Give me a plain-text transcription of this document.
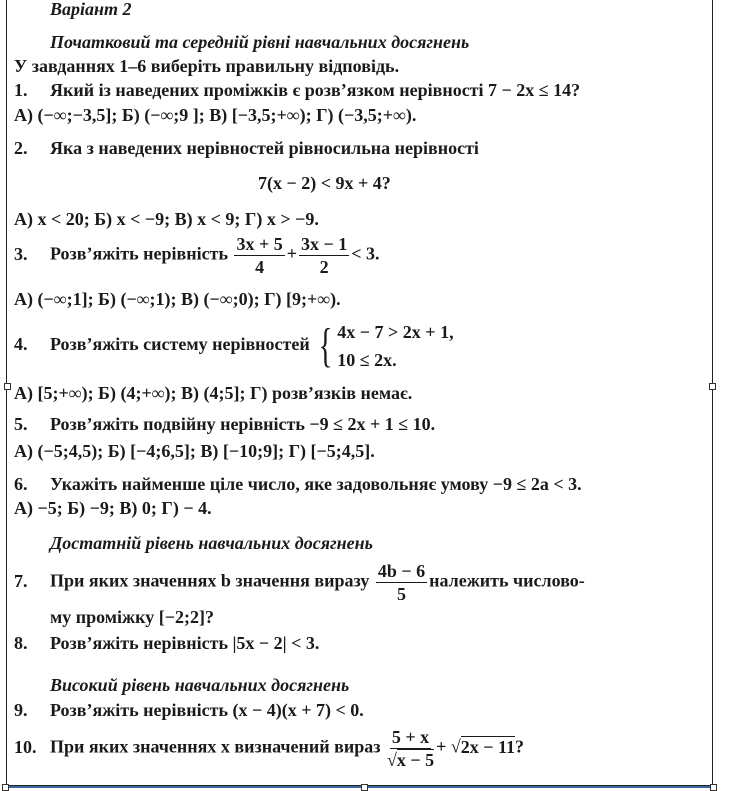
Варіант 2
Початковий та середній рівні навчальних досягнень
У завданнях 1–6 виберіть правильну відповідь.
1. Який із наведених проміжків є розв’язком нерівності 7 − 2x ≤ 14?
A) (−∞;−3,5]; Б) (−∞;9 ]; В) [−3,5;+∞); Г) (−3,5;+∞).
2. Яка з наведених нерівностей рівносильна нерівності
7(x − 2) < 9x + 4?
A) x < 20; Б) x < −9; В) x < 9; Г) x > −9.
3. Розв’яжіть нерівність $\frac{3x + 5}{4} + \frac{3x - 1}{2} < 3$.
A) (−∞;1]; Б) (−∞;1); В) (−∞;0); Г) [9;+∞).
4. Розв’яжіть систему нерівностей { 4x − 7 > 2x + 1,
10 ≤ 2x.
A) [5;+∞); Б) (4;+∞); В) (4;5]; Г) розв’язків немає.
5. Розв’яжіть подвійну нерівність −9 ≤ 2x + 1 ≤ 10.
A) (−5;4,5); Б) [−4;6,5]; В) [−10;9]; Г) [−5;4,5].
6. Укажіть найменше ціле число, яке задовольняє умову −9 ≤ 2a < 3.
A) −5; Б) −9; В) 0; Г) − 4.
Достатній рівень навчальних досягнень
7. При яких значеннях b значення виразу $\frac{4b - 6}{5}$ належить числово-
му проміжку [−2;2]?
8. Розв’яжіть нерівність |5x − 2| < 3.
Високий рівень навчальних досягнень
9. Розв’яжіть нерівність (x − 4)(x + 7) < 0.
10. При яких значеннях x визначений вираз $\frac{5 + x}{√x - 5} + √2x - 11$?
